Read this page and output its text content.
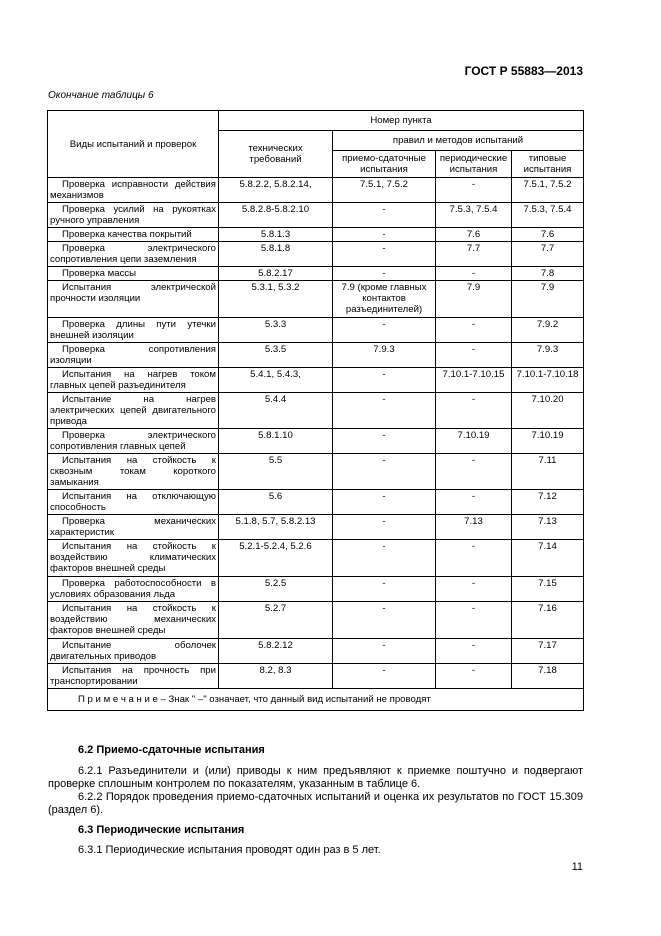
ГОСТ Р 55883—2013
Окончание таблицы 6
Виды испытаний и проверок	Номер пункта			
	технических требований	правил и методов испытаний		
		приемо-сдаточные испытания	периодические испытания	типовые испытания
Проверка исправности действия механизмов	5.8.2.2, 5.8.2.14,	7.5.1, 7.5.2	-	7.5.1, 7.5.2
Проверка усилий на рукоятках ручного управления	5.8.2.8-5.8.2.10	-	7.5.3, 7.5.4	7.5.3, 7.5.4
Проверка качества покрытий	5.8.1.3	-	7.6	7.6
Проверка электрического сопротивления цепи заземления	5.8.1.8	-	7.7	7.7
Проверка массы	5.8.2.17	-	-	7.8
Испытания электрической прочности изоляции	5.3.1, 5.3.2	7.9 (кроме главных контактов разъединителей)	7.9	7.9
Проверка длины пути утечки внешней изоляции	5.3.3	-	-	7.9.2
Проверка сопротивления изоляции	5.3.5	7.9.3	-	7.9.3
Испытания на нагрев током главных цепей разъединителя	5.4.1, 5.4.3,	-	7.10.1-7.10.15	7.10.1-7.10.18
Испытание на нагрев электрических цепей двигательного привода	5.4.4	-	-	7.10.20
Проверка электрического сопротивления главных цепей	5.8.1.10	-	7.10.19	7.10.19
Испытания на стойкость к сквозным токам короткого замыкания	5.5	-	-	7.11
Испытания на отключающую способность	5.6	-	-	7.12
Проверка механических характеристик	5.1.8, 5.7, 5.8.2.13	-	7.13	7.13
Испытания на стойкость к воздействию климатических факторов внешней среды	5.2.1-5.2.4, 5.2.6	-	-	7.14
Проверка работоспособности в условиях образования льда	5.2.5	-	-	7.15
Испытания на стойкость к воздействию механических факторов внешней среды	5.2.7	-	-	7.16
Испытание оболочек двигательных приводов	5.8.2.12	-	-	7.17
Испытания на прочность при транспортировании	8.2, 8.3	-	-	7.18
П р и м е ч а н и е – Знак " –" означает, что данный вид испытаний не проводят				
6.2 Приемо-сдаточные испытания
6.2.1 Разъединители и (или) приводы к ним предъявляют к приемке поштучно и подвергают проверке сплошным контролем по показателям, указанным в таблице 6.
6.2.2 Порядок проведения приемо-сдаточных испытаний и оценка их результатов по ГОСТ 15.309 (раздел 6).
6.3 Периодические испытания
6.3.1 Периодические испытания проводят один раз в 5 лет.
11
